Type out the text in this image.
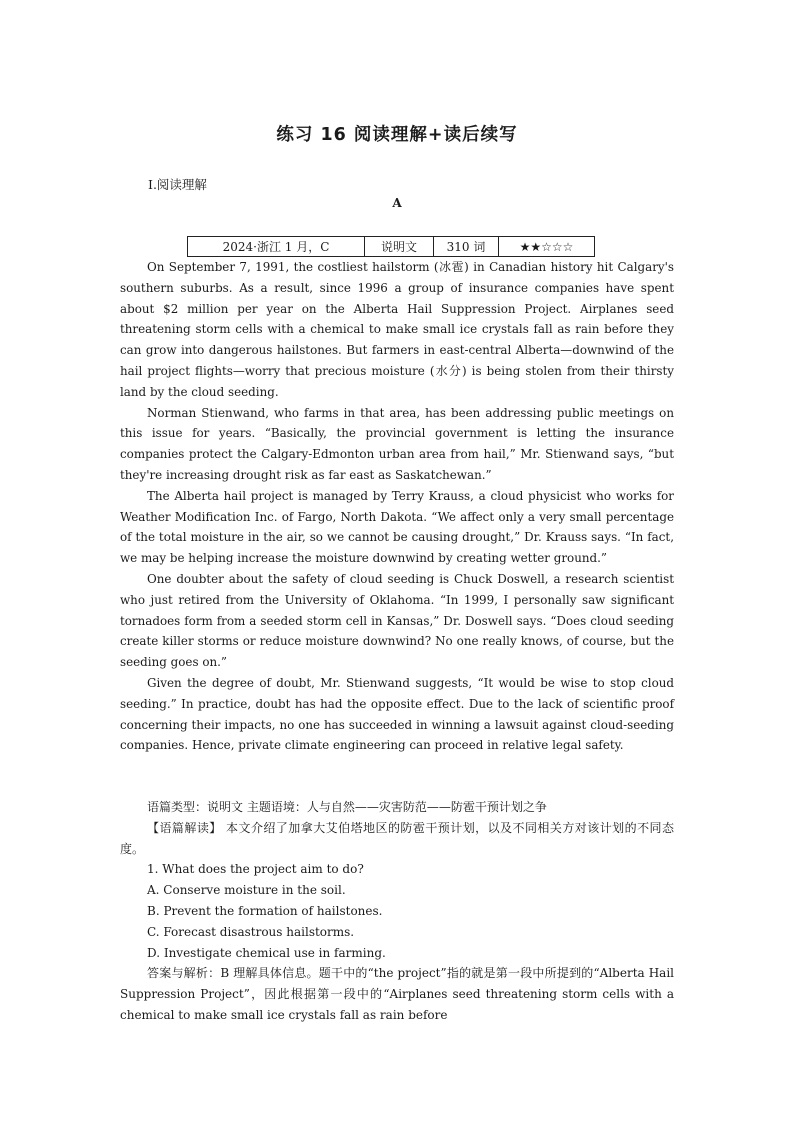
练习 16 阅读理解+读后续写
Ⅰ.阅读理解
A
2024·浙江 1 月，C	说明文	310 词	★★☆☆☆

On September 7, 1991, the costliest hailstorm (冰雹) in Canadian history hit Calgary's southern suburbs. As a result, since 1996 a group of insurance companies have spent about $2 million per year on the Alberta Hail Suppression Project. Airplanes seed threatening storm cells with a chemical to make small ice crystals fall as rain before they can grow into dangerous hailstones. But farmers in east-central Alberta—downwind of the hail project flights—worry that precious moisture (水分) is being stolen from their thirsty land by the cloud seeding.

Norman Stienwand, who farms in that area, has been addressing public meetings on this issue for years. “Basically, the provincial government is letting the insurance companies protect the Calgary-Edmonton urban area from hail,” Mr. Stienwand says, “but they're increasing drought risk as far east as Saskatchewan.”

The Alberta hail project is managed by Terry Krauss, a cloud physicist who works for Weather Modification Inc. of Fargo, North Dakota. “We affect only a very small percentage of the total moisture in the air, so we cannot be causing drought,” Dr. Krauss says. “In fact, we may be helping increase the moisture downwind by creating wetter ground.”

One doubter about the safety of cloud seeding is Chuck Doswell, a research scientist who just retired from the University of Oklahoma. “In 1999, I personally saw significant tornadoes form from a seeded storm cell in Kansas,” Dr. Doswell says. “Does cloud seeding create killer storms or reduce moisture downwind? No one really knows, of course, but the seeding goes on.”

Given the degree of doubt, Mr. Stienwand suggests, “It would be wise to stop cloud seeding.” In practice, doubt has had the opposite effect. Due to the lack of scientific proof concerning their impacts, no one has succeeded in winning a lawsuit against cloud-seeding companies. Hence, private climate engineering can proceed in relative legal safety.

语篇类型：说明文 主题语境：人与自然——灾害防范——防雹干预计划之争

【语篇解读】 本文介绍了加拿大艾伯塔地区的防雹干预计划，以及不同相关方对该计划的不同态度。

1. What does the project aim to do?

A. Conserve moisture in the soil.

B. Prevent the formation of hailstones.

C. Forecast disastrous hailstorms.

D. Investigate chemical use in farming.

答案与解析：B 理解具体信息。题干中的“the project”指的就是第一段中所提到的“Alberta Hail Suppression Project”，因此根据第一段中的“Airplanes seed threatening storm cells with a chemical to make small ice crystals fall as rain before
